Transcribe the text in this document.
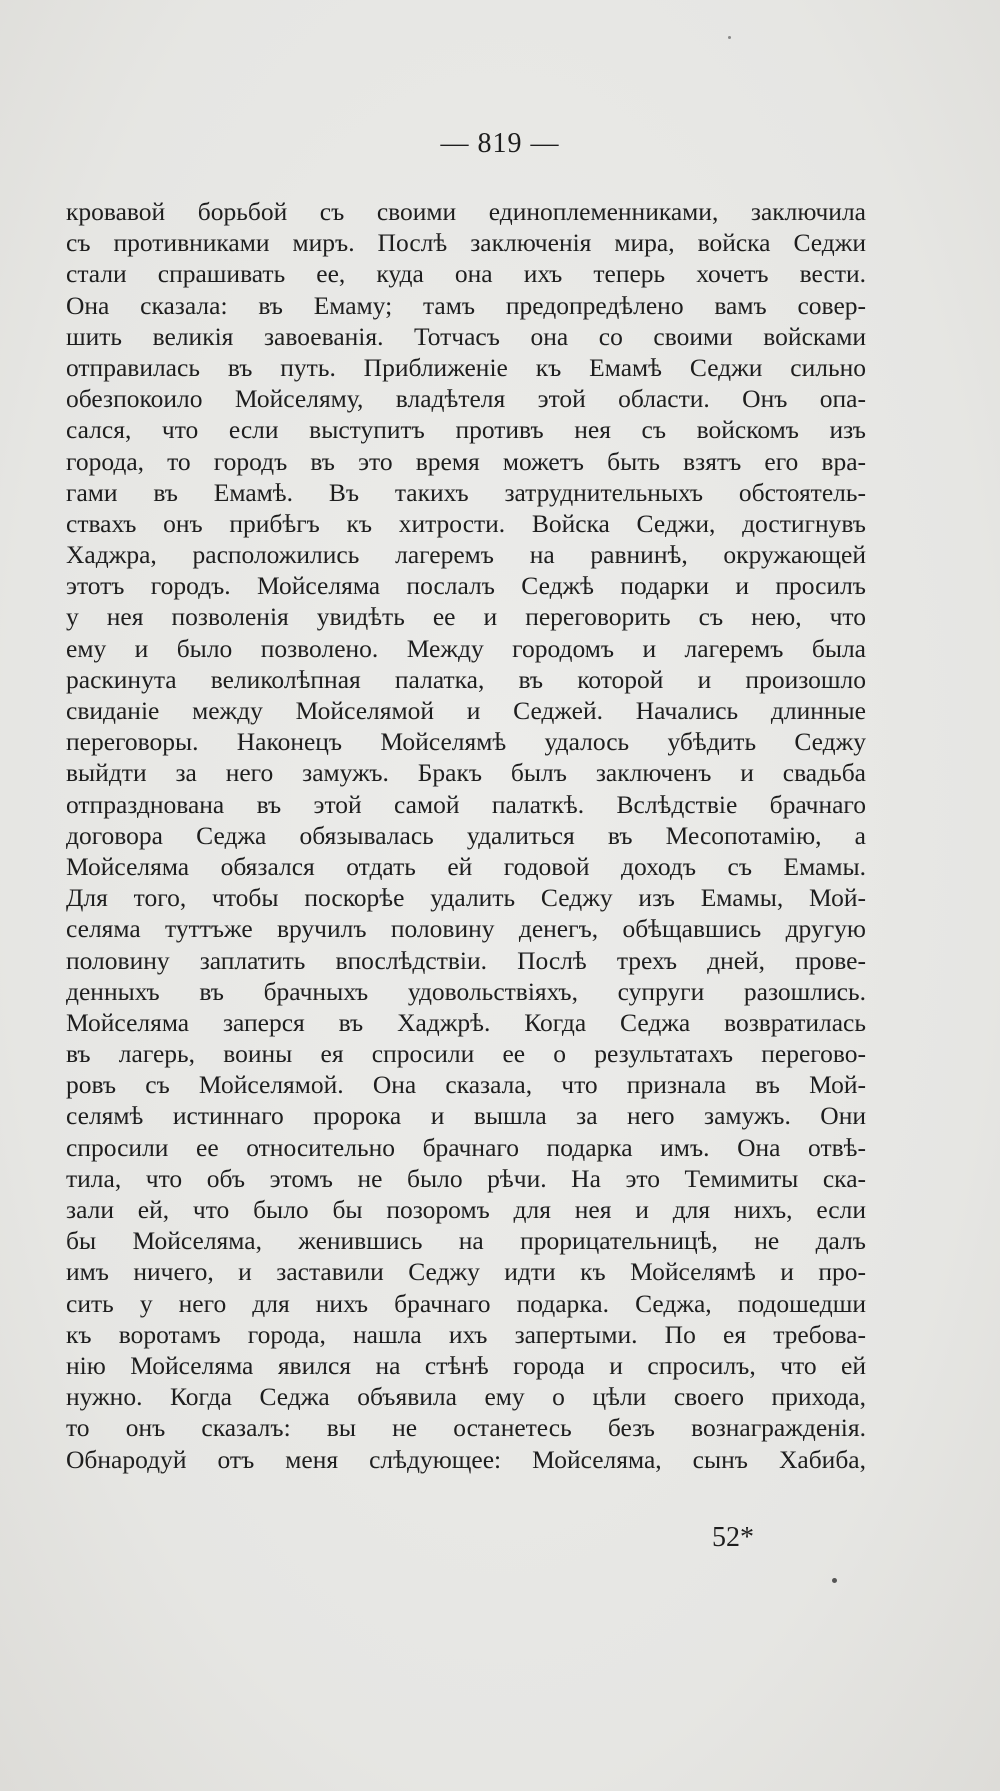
— 819 —
кровавой борьбой съ своими единоплеменниками, заключила
съ противниками миръ. Послѣ заключенія мира, войска Седжи
стали спрашивать ее, куда она ихъ теперь хочетъ вести.
Она сказала: въ Емаму; тамъ предопредѣлено вамъ совер-
шить великія завоеванія. Тотчасъ она со своими войсками
отправилась въ путь. Приближеніе къ Емамѣ Седжи сильно
обезпокоило Мойселяму, владѣтеля этой области. Онъ опа-
сался, что если выступитъ противъ нея съ войскомъ изъ
города, то городъ въ это время можетъ быть взятъ его вра-
гами въ Емамѣ. Въ такихъ затруднительныхъ обстоятель-
ствахъ онъ прибѣгъ къ хитрости. Войска Седжи, достигнувъ
Хаджра, расположились лагеремъ на равнинѣ, окружающей
этотъ городъ. Мойселяма послалъ Седжѣ подарки и просилъ
у нея позволенія увидѣть ее и переговорить съ нею, что
ему и было позволено. Между городомъ и лагеремъ была
раскинута великолѣпная палатка, въ которой и произошло
свиданіе между Мойселямой и Седжей. Начались длинные
переговоры. Наконецъ Мойселямѣ удалось убѣдить Седжу
выйдти за него замужъ. Бракъ былъ заключенъ и свадьба
отпразднована въ этой самой палаткѣ. Вслѣдствіе брачнаго
договора Седжа обязывалась удалиться въ Месопотамію, а
Мойселяма обязался отдать ей годовой доходъ съ Емамы.
Для того, чтобы поскорѣе удалить Седжу изъ Емамы, Мой-
селяма туттъже вручилъ половину денегъ, обѣщавшись другую
половину заплатить впослѣдствіи. Послѣ трехъ дней, прове-
денныхъ въ брачныхъ удовольствіяхъ, супруги разошлись.
Мойселяма заперся въ Хаджрѣ. Когда Седжа возвратилась
въ лагерь, воины ея спросили ее о результатахъ перегово-
ровъ съ Мойселямой. Она сказала, что признала въ Мой-
селямѣ истиннаго пророка и вышла за него замужъ. Они
спросили ее относительно брачнаго подарка имъ. Она отвѣ-
тила, что объ этомъ не было рѣчи. На это Темимиты ска-
зали ей, что было бы позоромъ для нея и для нихъ, если
бы Мойселяма, женившись на прорицательницѣ, не далъ
имъ ничего, и заставили Седжу идти къ Мойселямѣ и про-
сить у него для нихъ брачнаго подарка. Седжа, подошедши
къ воротамъ города, нашла ихъ запертыми. По ея требова-
нію Мойселяма явился на стѣнѣ города и спросилъ, что ей
нужно. Когда Седжа объявила ему о цѣли своего прихода,
то онъ сказалъ: вы не останетесь безъ вознагражденія.
Обнародуй отъ меня слѣдующее: Мойселяма, сынъ Хабиба,
52*
